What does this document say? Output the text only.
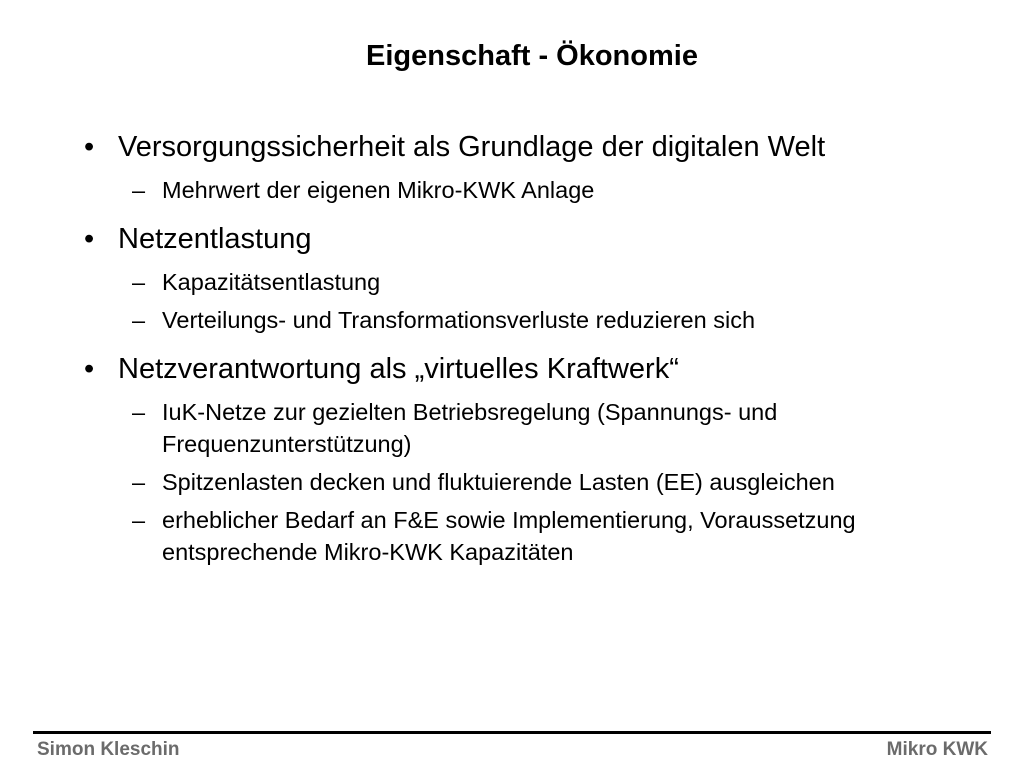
Eigenschaft - Ökonomie
• Versorgungssicherheit als Grundlage der digitalen Welt
– Mehrwert der eigenen Mikro-KWK Anlage
• Netzentlastung
– Kapazitätsentlastung
– Verteilungs- und Transformationsverluste reduzieren sich
• Netzverantwortung als „virtuelles Kraftwerk“
– IuK-Netze zur gezielten Betriebsregelung (Spannungs- und Frequenzunterstützung)
– Spitzenlasten decken und fluktuierende Lasten (EE) ausgleichen
– erheblicher Bedarf an F&E sowie Implementierung, Voraussetzung entsprechende Mikro-KWK Kapazitäten
Simon Kleschin	Mikro KWK
